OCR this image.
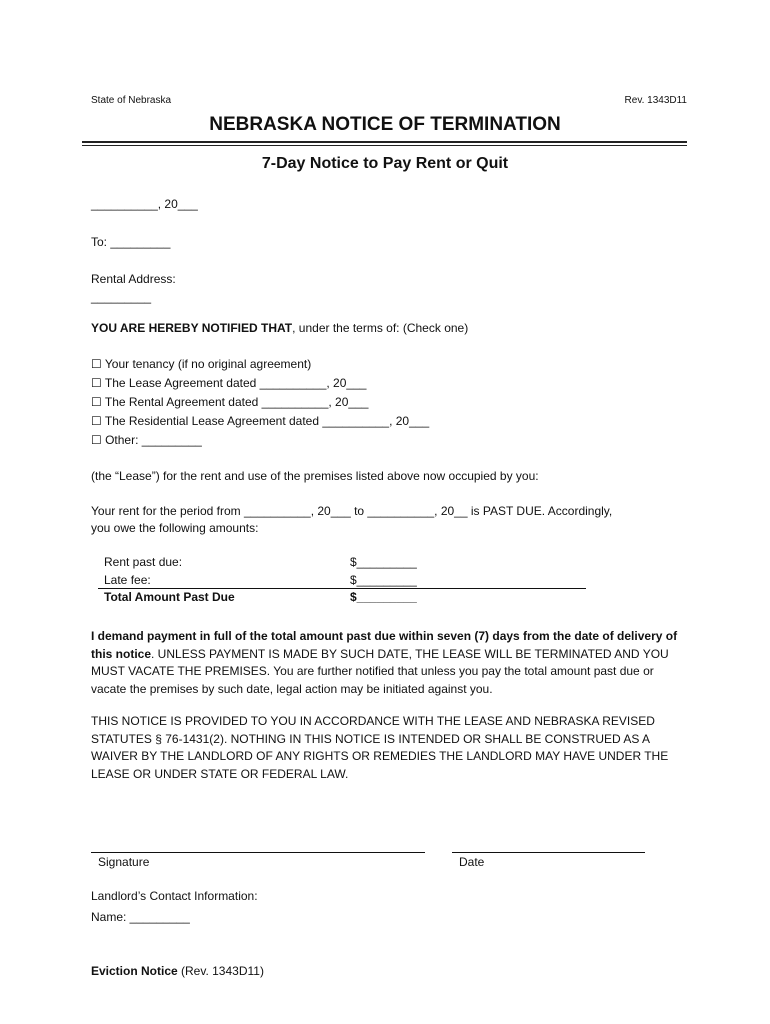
State of Nebraska	Rev. 1343D11
NEBRASKA NOTICE OF TERMINATION
7-Day Notice to Pay Rent or Quit
__________, 20___
To: _________
Rental Address:
_________
YOU ARE HEREBY NOTIFIED THAT, under the terms of: (Check one)
☐ Your tenancy (if no original agreement)
☐ The Lease Agreement dated __________, 20___
☐ The Rental Agreement dated __________, 20___
☐ The Residential Lease Agreement dated __________, 20___
☐ Other: _________
(the “Lease”) for the rent and use of the premises listed above now occupied by you:
Your rent for the period from __________, 20___ to __________, 20__ is PAST DUE. Accordingly,
you owe the following amounts:
Rent past due:	$_________
Late fee:	$_________
Total Amount Past Due	$_________
I demand payment in full of the total amount past due within seven (7) days from the date of delivery of this notice. UNLESS PAYMENT IS MADE BY SUCH DATE, THE LEASE WILL BE TERMINATED AND YOU MUST VACATE THE PREMISES. You are further notified that unless you pay the total amount past due or vacate the premises by such date, legal action may be initiated against you.
THIS NOTICE IS PROVIDED TO YOU IN ACCORDANCE WITH THE LEASE AND NEBRASKA REVISED STATUTES § 76-1431(2). NOTHING IN THIS NOTICE IS INTENDED OR SHALL BE CONSTRUED AS A WAIVER BY THE LANDLORD OF ANY RIGHTS OR REMEDIES THE LANDLORD MAY HAVE UNDER THE LEASE OR UNDER STATE OR FEDERAL LAW.
Signature	Date
Landlord’s Contact Information:
Name: _________
Eviction Notice (Rev. 1343D11)
